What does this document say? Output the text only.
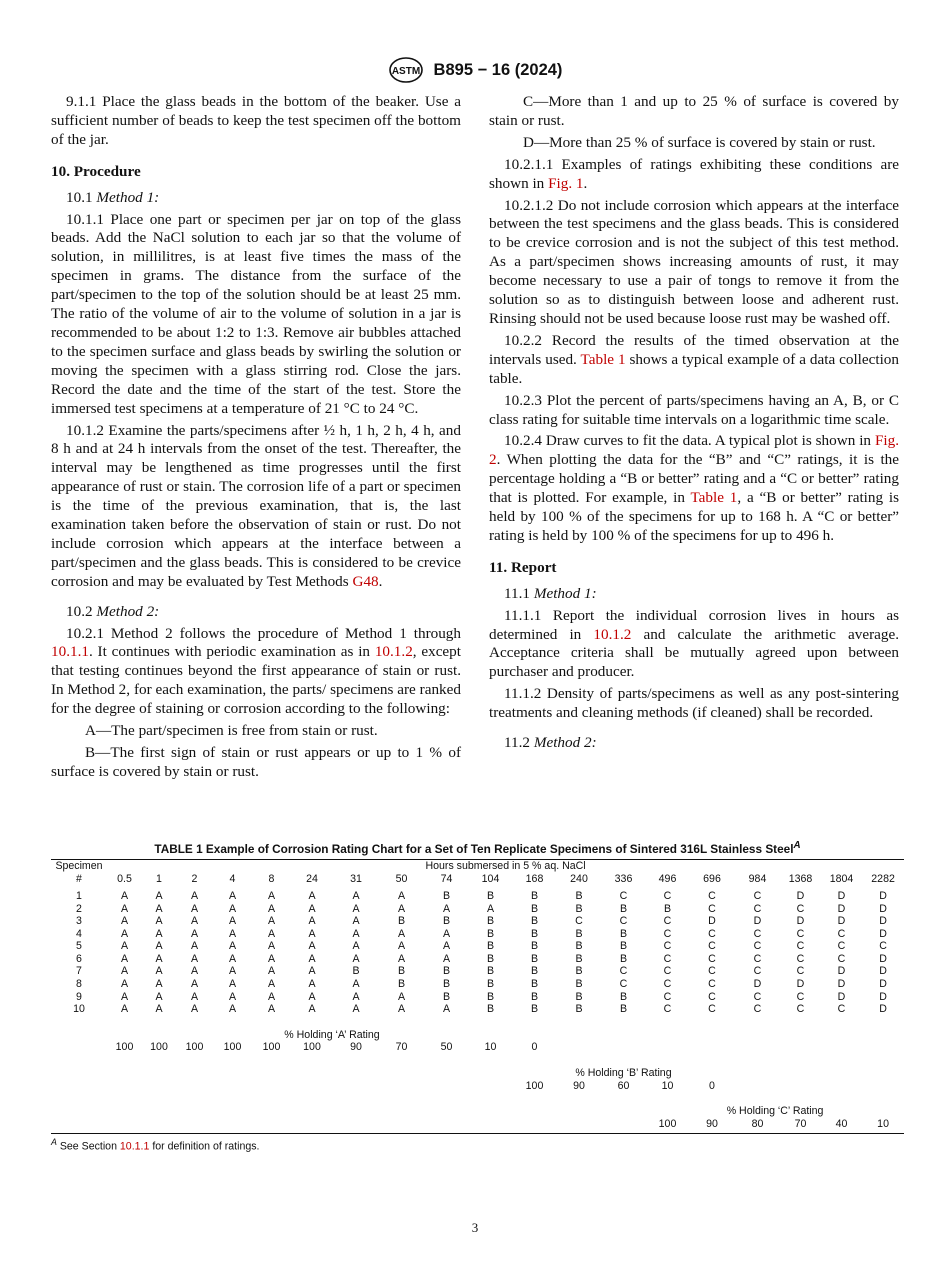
ASTM B895 − 16 (2024)

9.1.1 Place the glass beads in the bottom of the beaker. Use a sufficient number of beads to keep the test specimen off the bottom of the jar.

10. Procedure

10.1 Method 1:

10.1.1 Place one part or specimen per jar on top of the glass beads. Add the NaCl solution to each jar so that the volume of solution, in millilitres, is at least five times the mass of the specimen in grams. The distance from the surface of the part/specimen to the top of the solution should be at least 25 mm. The ratio of the volume of air to the volume of solution in a jar is recommended to be about 1:2 to 1:3. Remove air bubbles attached to the specimen surface and glass beads by swirling the solution or moving the specimen with a glass stirring rod. Close the jars. Record the date and the time of the start of the test. Store the immersed test specimens at a temperature of 21 °C to 24 °C.

10.1.2 Examine the parts/specimens after ½ h, 1 h, 2 h, 4 h, and 8 h and at 24 h intervals from the onset of the test. Thereafter, the interval may be lengthened as time progresses until the first appearance of rust or stain. The corrosion life of a part or specimen is the time of the previous examination, that is, the last examination taken before the observation of stain or rust. Do not include corrosion which appears at the interface between a part/specimen and the glass beads. This is considered to be crevice corrosion and may be evaluated by Test Methods G48.

10.2 Method 2:

10.2.1 Method 2 follows the procedure of Method 1 through 10.1.1. It continues with periodic examination as in 10.1.2, except that testing continues beyond the first appearance of stain or rust. In Method 2, for each examination, the parts/ specimens are ranked for the degree of staining or corrosion according to the following:

A—The part/specimen is free from stain or rust.

B—The first sign of stain or rust appears or up to 1 % of surface is covered by stain or rust.

C—More than 1 and up to 25 % of surface is covered by stain or rust.

D—More than 25 % of surface is covered by stain or rust.

10.2.1.1 Examples of ratings exhibiting these conditions are shown in Fig. 1.

10.2.1.2 Do not include corrosion which appears at the interface between the test specimens and the glass beads. This is considered to be crevice corrosion and is not the subject of this test method. As a part/specimen shows increasing amounts of rust, it may become necessary to use a pair of tongs to remove it from the solution so as to distinguish between loose and adherent rust. Rinsing should not be used because loose rust may be washed off.

10.2.2 Record the results of the timed observation at the intervals used. Table 1 shows a typical example of a data collection table.

10.2.3 Plot the percent of parts/specimens having an A, B, or C class rating for suitable time intervals on a logarithmic time scale.

10.2.4 Draw curves to fit the data. A typical plot is shown in Fig. 2. When plotting the data for the “B” and “C” ratings, it is the percentage holding a “B or better” rating and a “C or better” rating that is plotted. For example, in Table 1, a “B or better” rating is held by 100 % of the specimens for up to 168 h. A “C or better” rating is held by 100 % of the specimens for up to 496 h.

11. Report

11.1 Method 1:

11.1.1 Report the individual corrosion lives in hours as determined in 10.1.2 and calculate the arithmetic average. Acceptance criteria shall be mutually agreed upon between purchaser and producer.

11.1.2 Density of parts/specimens as well as any post-sintering treatments and cleaning methods (if cleaned) shall be recorded.

11.2 Method 2:

TABLE 1 Example of Corrosion Rating Chart for a Set of Ten Replicate Specimens of Sintered 316L Stainless Steel$^A$
Specimen	Hours submersed in 5 % aq. NaCl																		
#	0.5	1	2	4	8	24	31	50	74	104	168	240	336	496	696	984	1368	1804	2282

1	A	A	A	A	A	A	A	A	B	B	B	B	C	C	C	C	D	D	D
2	A	A	A	A	A	A	A	A	A	A	B	B	B	B	C	C	C	D	D
3	A	A	A	A	A	A	A	B	B	B	B	C	C	C	D	D	D	D	D
4	A	A	A	A	A	A	A	A	A	B	B	B	B	C	C	C	C	C	D
5	A	A	A	A	A	A	A	A	A	B	B	B	B	C	C	C	C	C	C
6	A	A	A	A	A	A	A	A	A	B	B	B	B	C	C	C	C	C	D
7	A	A	A	A	A	A	B	B	B	B	B	B	C	C	C	C	C	D	D
8	A	A	A	A	A	A	A	B	B	B	B	B	C	C	C	D	D	D	D
9	A	A	A	A	A	A	A	A	B	B	B	B	B	C	C	C	C	D	D
10	A	A	A	A	A	A	A	A	A	B	B	B	B	C	C	C	C	C	D

	% Holding ‘A’ Rating																		
	100	100	100	100	100	100	90	70	50	10	0								

											% Holding ‘B’ Rating								
											100	90	60	10	0				

														% Holding ‘C’ Rating					
														100	90	80	70	40	10

$^A$ See Section 10.1.1 for definition of ratings.
3
